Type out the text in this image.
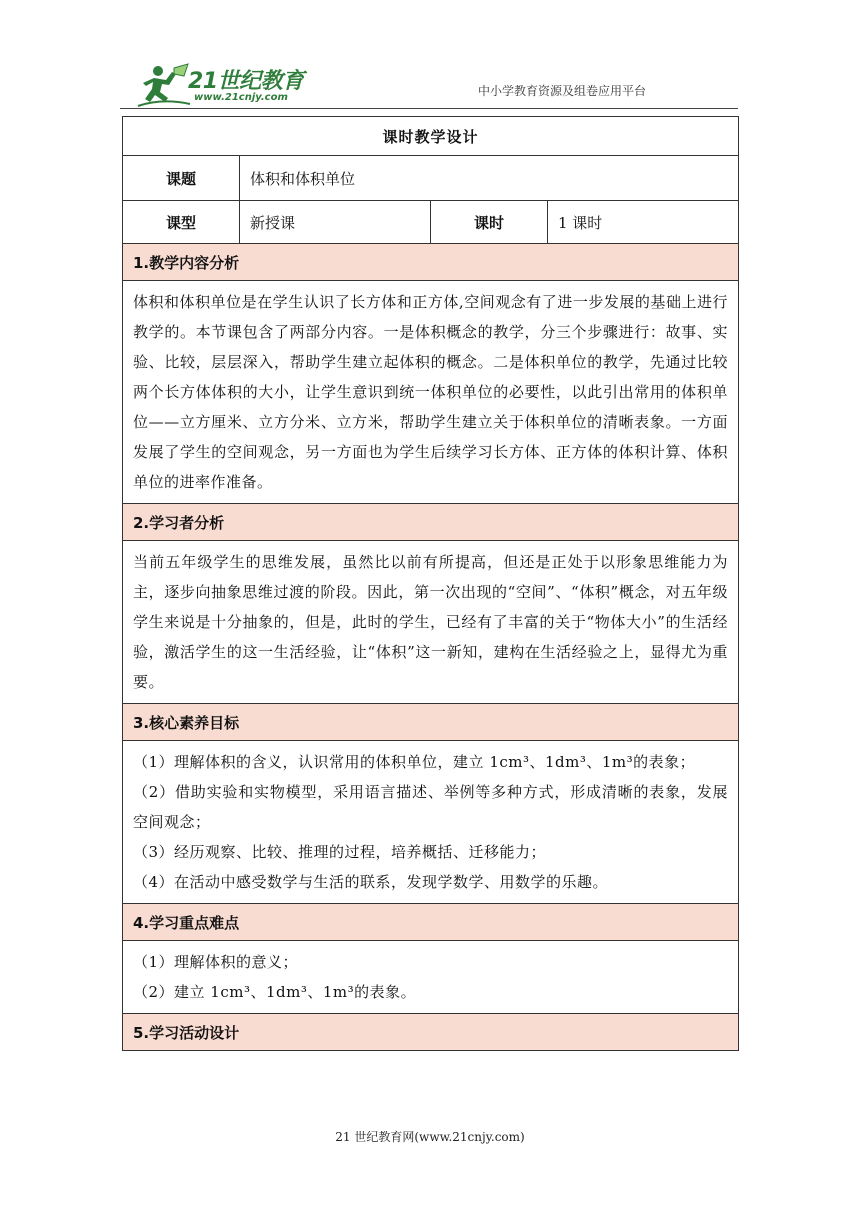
21世纪教育
www.21cnjy.com	中小学教育资源及组卷应用平台
课时教学设计			
课题	体积和体积单位		
课型	新授课	课时	1 课时
1.教学内容分析			
体积和体积单位是在学生认识了长方体和正方体,空间观念有了进一步发展的基础上进行教学的。本节课包含了两部分内容。一是体积概念的教学，分三个步骤进行：故事、实验、比较，层层深入，帮助学生建立起体积的概念。二是体积单位的教学，先通过比较两个长方体体积的大小，让学生意识到统一体积单位的必要性，以此引出常用的体积单位——立方厘米、立方分米、立方米，帮助学生建立关于体积单位的清晰表象。一方面发展了学生的空间观念，另一方面也为学生后续学习长方体、正方体的体积计算、体积单位的进率作准备。			
2.学习者分析			
当前五年级学生的思维发展，虽然比以前有所提高，但还是正处于以形象思维能力为主，逐步向抽象思维过渡的阶段。因此，第一次出现的“空间”、“体积”概念，对五年级学生来说是十分抽象的，但是，此时的学生，已经有了丰富的关于“物体大小”的生活经验，激活学生的这一生活经验，让“体积”这一新知，建构在生活经验之上，显得尤为重要。			
3.核心素养目标			

（1）理解体积的含义，认识常用的体积单位，建立 1cm³、1dm³、1m³的表象；
（2）借助实验和实物模型，采用语言描述、举例等多种方式，形成清晰的表象，发展空间观念；
（3）经历观察、比较、推理的过程，培养概括、迁移能力；
（4）在活动中感受数学与生活的联系，发现学数学、用数学的乐趣。			

4.学习重点难点			

（1）理解体积的意义；
（2）建立 1cm³、1dm³、1m³的表象。			

5.学习活动设计			
21 世纪教育网(www.21cnjy.com)
